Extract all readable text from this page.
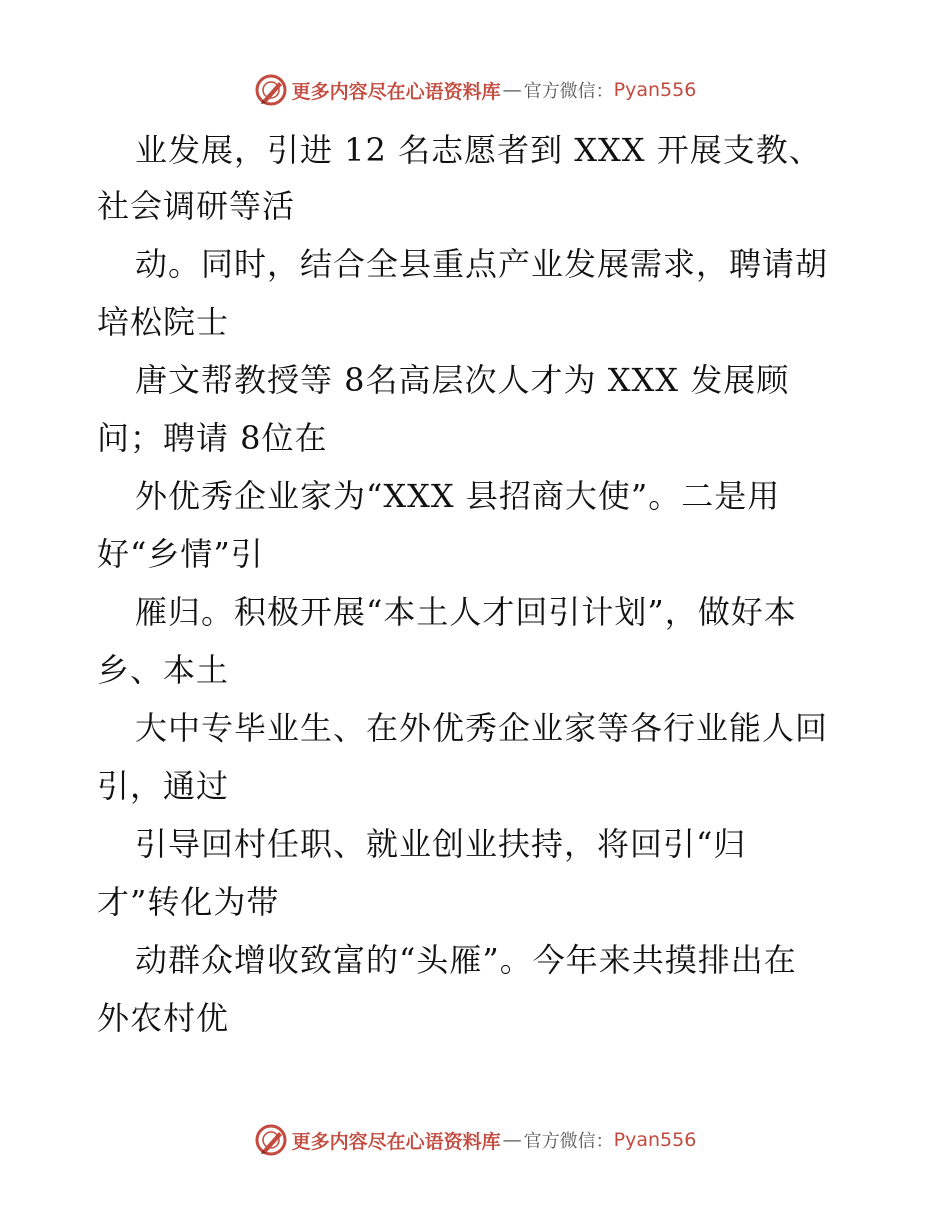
更多内容尽在心语资料库 — 官方微信： Pyan556
业发展，引进 12 名志愿者到 XXX 开展支教、
社会调研等活
动。同时，结合全县重点产业发展需求，聘请胡
培松院士
唐文帮教授等 8名高层次人才为 XXX 发展顾
问；聘请 8位在
外优秀企业家为“XXX 县招商大使”。二是用
好“乡情”引
雁归。积极开展“本土人才回引计划”，做好本
乡、本土
大中专毕业生、在外优秀企业家等各行业能人回
引，通过
引导回村任职、就业创业扶持，将回引“归
才”转化为带
动群众增收致富的“头雁”。今年来共摸排出在
外农村优
更多内容尽在心语资料库 — 官方微信： Pyan556
